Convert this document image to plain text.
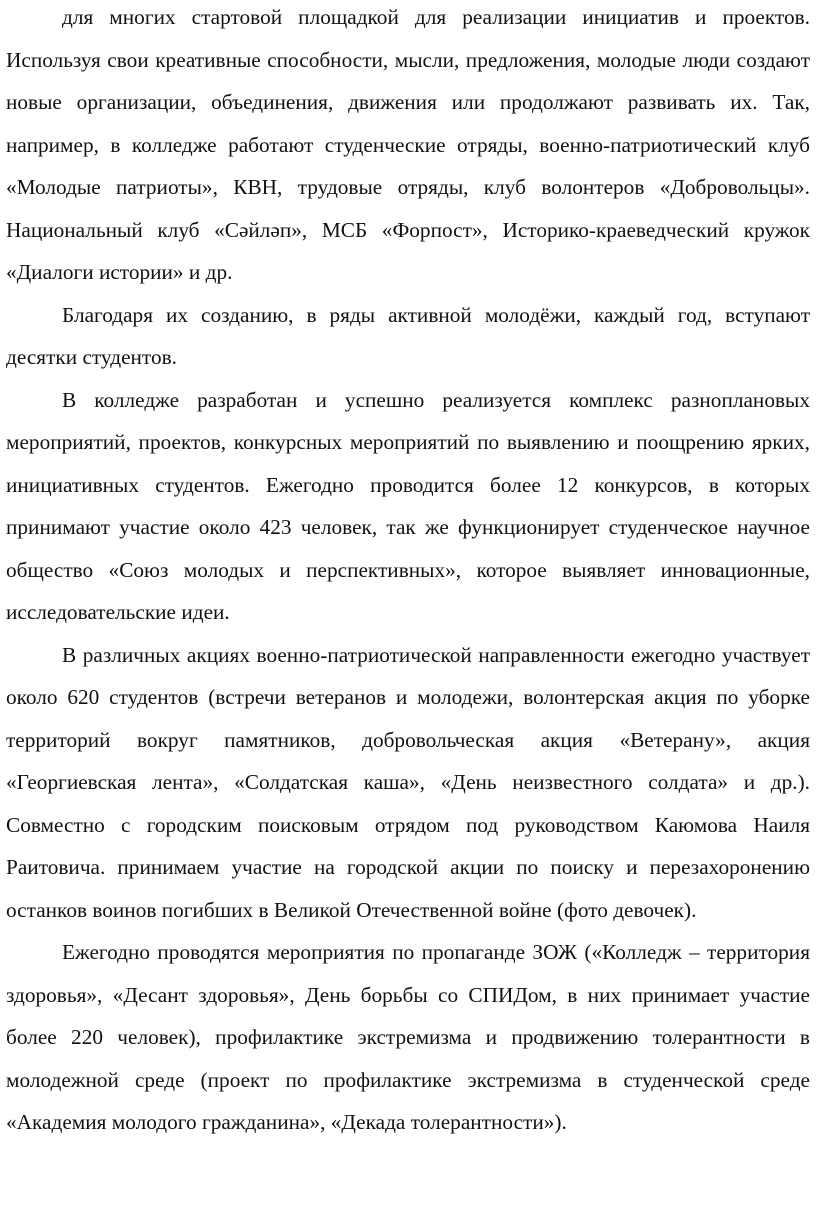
для многих стартовой площадкой для реализации инициатив и проектов. Используя свои креативные способности, мысли, предложения, молодые люди создают новые организации, объединения, движения или продолжают развивать их. Так, например, в колледже работают студенческие отряды, военно-патриотический клуб «Молодые патриоты», КВН, трудовые отряды, клуб волонтеров «Добровольцы». Национальный клуб «Сәйләп», МСБ «Форпост», Историко-краеведческий кружок «Диалоги истории» и др.

Благодаря их созданию, в ряды активной молодёжи, каждый год, вступают десятки студентов.

В колледже разработан и успешно реализуется комплекс разноплановых мероприятий, проектов, конкурсных мероприятий по выявлению и поощрению ярких, инициативных студентов. Ежегодно проводится более 12 конкурсов, в которых принимают участие около 423 человек, так же функционирует студенческое научное общество «Союз молодых и перспективных», которое выявляет инновационные, исследовательские идеи.

В различных акциях военно-патриотической направленности ежегодно участвует около 620 студентов (встречи ветеранов и молодежи, волонтерская акция по уборке территорий вокруг памятников, добровольческая акция «Ветерану», акция «Георгиевская лента», «Солдатская каша», «День неизвестного солдата» и др.). Совместно с городским поисковым отрядом под руководством Каюмова Наиля Раитовича. принимаем участие на городской акции по поиску и перезахоронению останков воинов погибших в Великой Отечественной войне (фото девочек).

Ежегодно проводятся мероприятия по пропаганде ЗОЖ («Колледж – территория здоровья», «Десант здоровья», День борьбы со СПИДом, в них принимает участие более 220 человек), профилактике экстремизма и продвижению толерантности в молодежной среде (проект по профилактике экстремизма в студенческой среде «Академия молодого гражданина», «Декада толерантности»).
